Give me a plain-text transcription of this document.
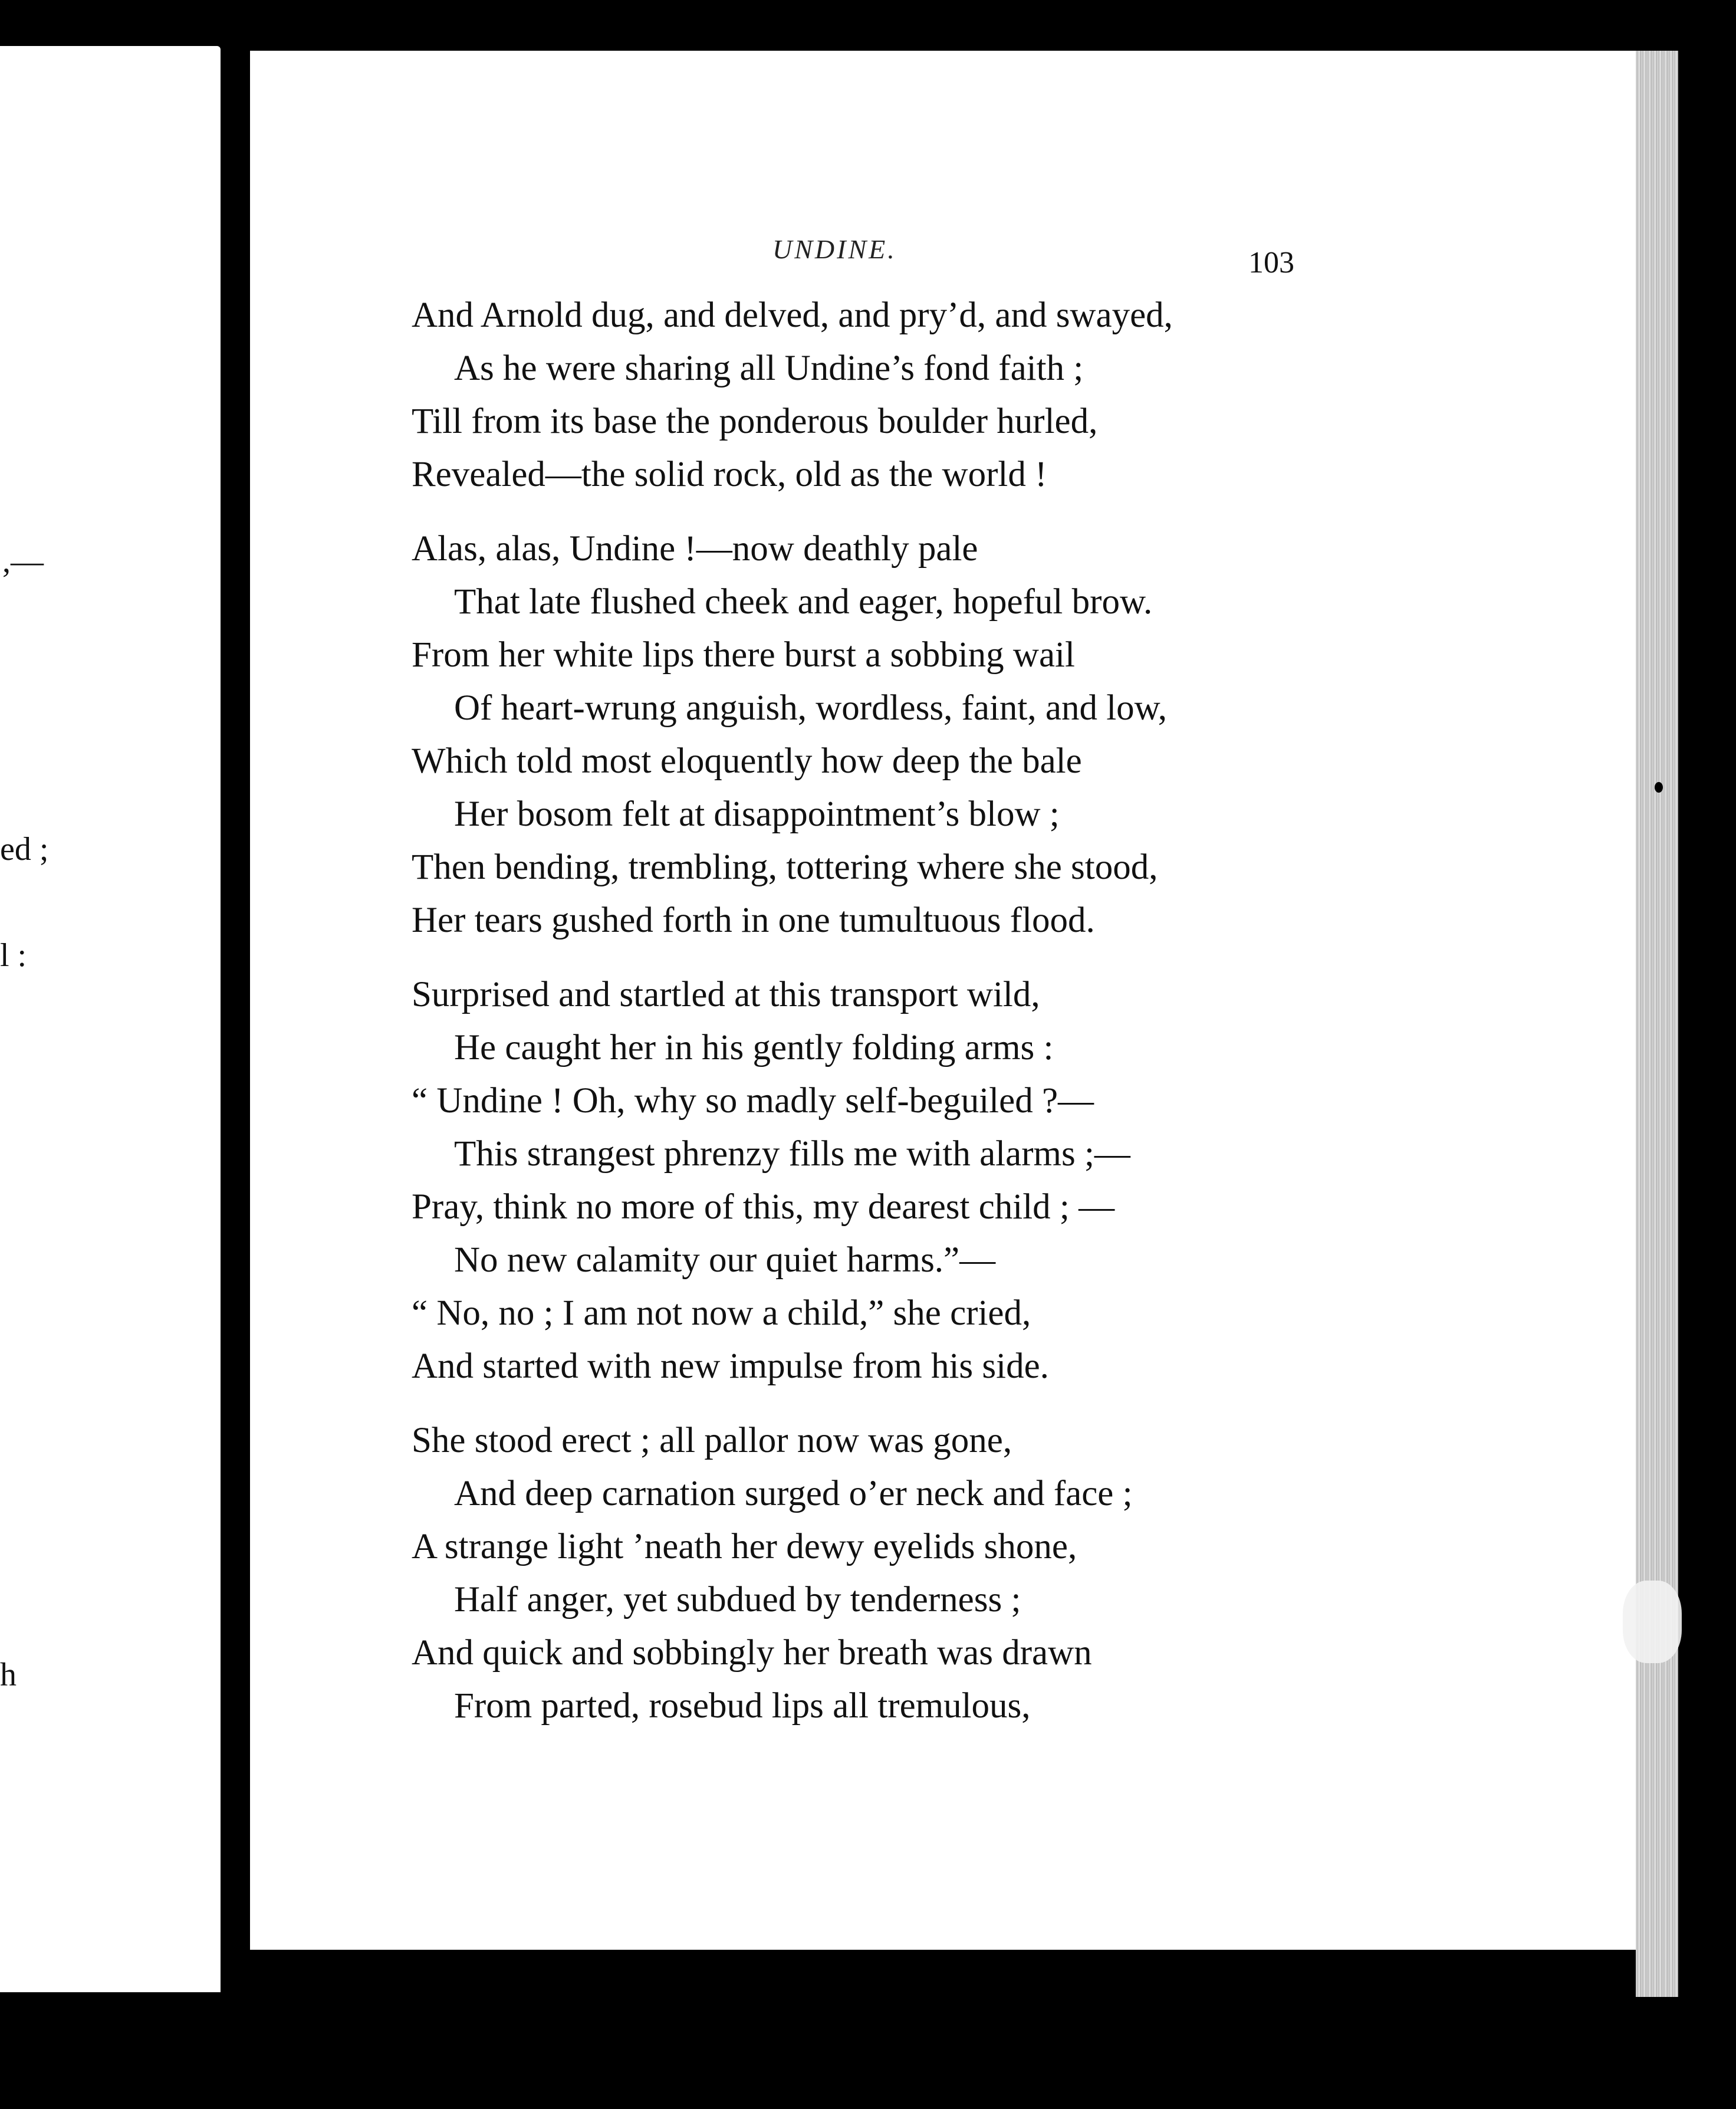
,—
ed ;
l :
h
UNDINE.	103
And Arnold dug, and delved, and pry’d, and swayed,
As he were sharing all Undine’s fond faith ;
Till from its base the ponderous boulder hurled,
Revealed—the solid rock, old as the world !
Alas, alas, Undine !—now deathly pale
That late flushed cheek and eager, hopeful brow.
From her white lips there burst a sobbing wail
Of heart-wrung anguish, wordless, faint, and low,
Which told most eloquently how deep the bale
Her bosom felt at disappointment’s blow ;
Then bending, trembling, tottering where she stood,
Her tears gushed forth in one tumultuous flood.
Surprised and startled at this transport wild,
He caught her in his gently folding arms :
“ Undine ! Oh, why so madly self-beguiled ?—
This strangest phrenzy fills me with alarms ;—
Pray, think no more of this, my dearest child ; —
No new calamity our quiet harms.”—
“ No, no ; I am not now a child,” she cried,
And started with new impulse from his side.
She stood erect ; all pallor now was gone,
And deep carnation surged o’er neck and face ;
A strange light ’neath her dewy eyelids shone,
Half anger, yet subdued by tenderness ;
And quick and sobbingly her breath was drawn
From parted, rosebud lips all tremulous,
